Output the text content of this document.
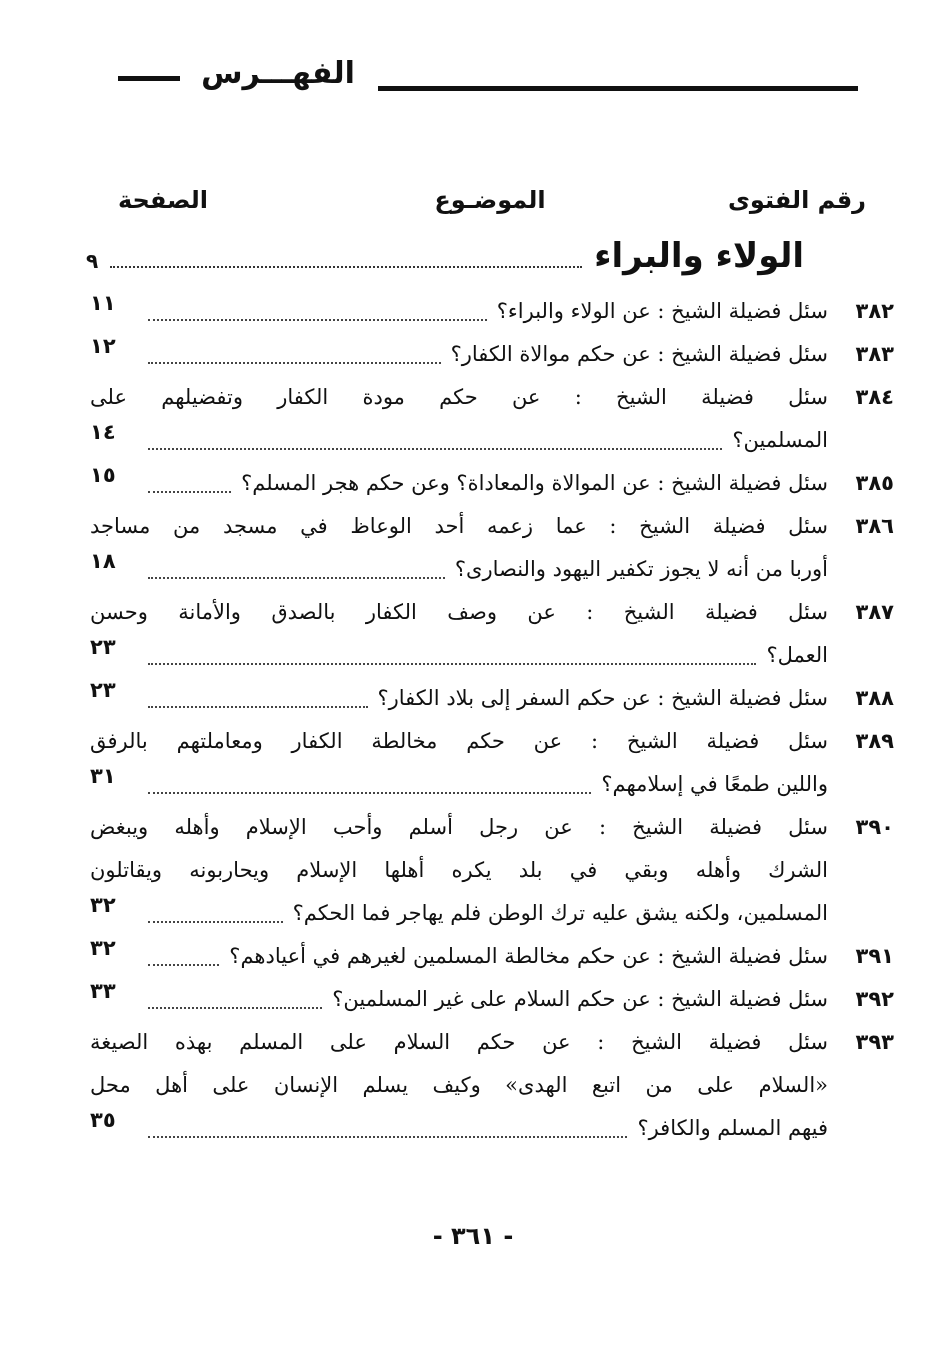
الفهـــرس
رقم الفتوى
الموضـوع
الصفحة
الولاء والبراء
٩
٣٨٢
سئل فضيلة الشيخ : عن الولاء والبراء؟
١١
٣٨٣
سئل فضيلة الشيخ : عن حكم موالاة الكفار؟
١٢
٣٨٤
سئل فضيلة الشيخ : عن حكم مودة الكفار وتفضيلهم على
المسلمين؟
١٤
٣٨٥
سئل فضيلة الشيخ : عن الموالاة والمعاداة؟ وعن حكم هجر المسلم؟
١٥
٣٨٦
سئل فضيلة الشيخ : عما زعمه أحد الوعاظ في مسجد من مساجد
أوربا من أنه لا يجوز تكفير اليهود والنصارى؟
١٨
٣٨٧
سئل فضيلة الشيخ : عن وصف الكفار بالصدق والأمانة وحسن
العمل؟
٢٣
٣٨٨
سئل فضيلة الشيخ : عن حكم السفر إلى بلاد الكفار؟
٢٣
٣٨٩
سئل فضيلة الشيخ : عن حكم مخالطة الكفار ومعاملتهم بالرفق
واللين طمعًا في إسلامهم؟
٣١
٣٩٠
سئل فضيلة الشيخ : عن رجل أسلم وأحب الإسلام وأهله ويبغض
الشرك وأهله وبقي في بلد يكره أهلها الإسلام ويحاربونه ويقاتلون
المسلمين، ولكنه يشق عليه ترك الوطن فلم يهاجر فما الحكم؟
٣٢
٣٩١
سئل فضيلة الشيخ : عن حكم مخالطة المسلمين لغيرهم في أعيادهم؟
٣٢
٣٩٢
سئل فضيلة الشيخ : عن حكم السلام على غير المسلمين؟
٣٣
٣٩٣
سئل فضيلة الشيخ : عن حكم السلام على المسلم بهذه الصيغة
«السلام على من اتبع الهدى» وكيف يسلم الإنسان على أهل محل
فيهم المسلم والكافر؟
٣٥
- ٣٦١ -
